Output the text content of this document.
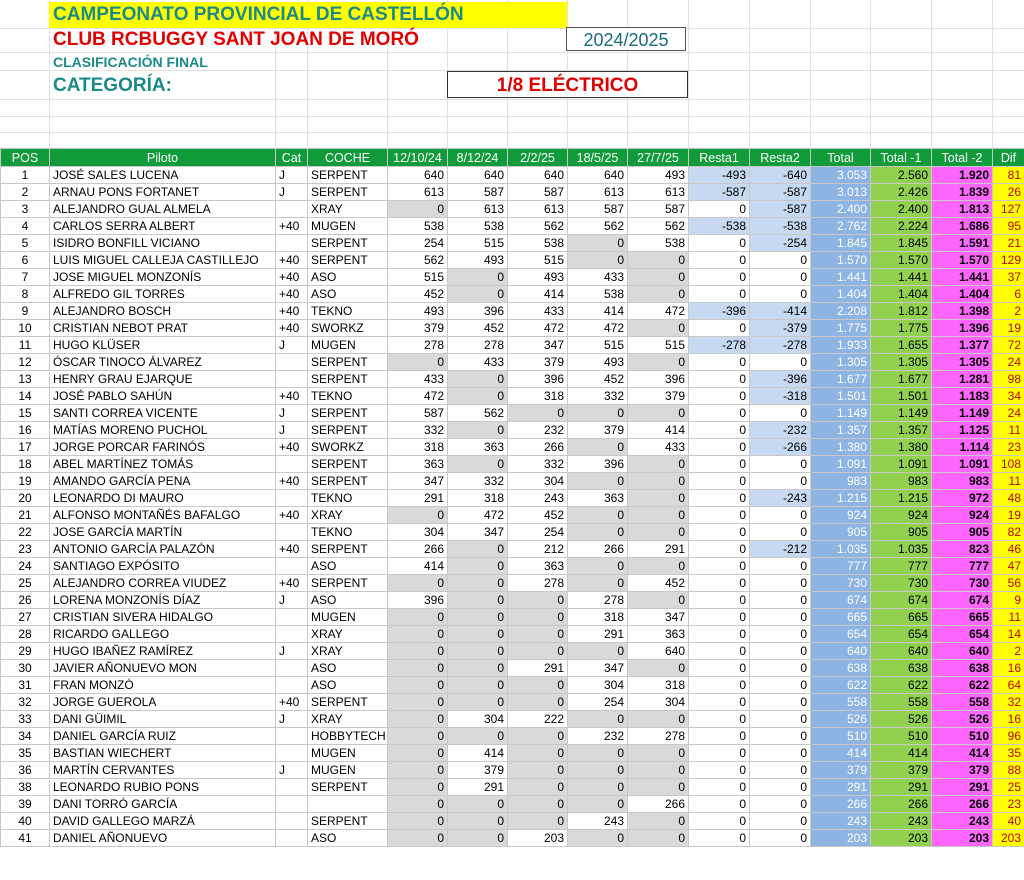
CAMPEONATO PROVINCIAL DE CASTELLÓN
CLUB RCBUGGY SANT JOAN DE MORÓ	2024/2025
CLASIFICACIÓN FINAL
CATEGORÍA:	1/8 ELÉCTRICO
POS	Piloto	Cat	COCHE	12/10/24	8/12/24	2/2/25	18/5/25	27/7/25	Resta1	Resta2	Total	Total -1	Total -2	Dif
1	JOSÉ SALES LUCENA	J	SERPENT	640	640	640	640	493	-493	-640	3.053	2.560	1.920	81
2	ARNAU PONS FORTANET	J	SERPENT	613	587	587	613	613	-587	-587	3.013	2.426	1.839	26
3	ALEJANDRO GUAL ALMELA		XRAY	0	613	613	587	587	0	-587	2.400	2.400	1.813	127
4	CARLOS SERRA ALBERT	+40	MUGEN	538	538	562	562	562	-538	-538	2.762	2.224	1.686	95
5	ISIDRO BONFILL VICIANO		SERPENT	254	515	538	0	538	0	-254	1.845	1.845	1.591	21
6	LUIS MIGUEL CALLEJA CASTILLEJO	+40	SERPENT	562	493	515	0	0	0	0	1.570	1.570	1.570	129
7	JOSE MIGUEL MONZONÍS	+40	ASO	515	0	493	433	0	0	0	1.441	1.441	1.441	37
8	ALFREDO GIL TORRES	+40	ASO	452	0	414	538	0	0	0	1.404	1.404	1.404	6
9	ALEJANDRO BOSCH	+40	TEKNO	493	396	433	414	472	-396	-414	2.208	1.812	1.398	2
10	CRISTIAN NEBOT PRAT	+40	SWORKZ	379	452	472	472	0	0	-379	1.775	1.775	1.396	19
11	HUGO KLÜSER	J	MUGEN	278	278	347	515	515	-278	-278	1.933	1.655	1.377	72
12	ÓSCAR TINOCO ÁLVAREZ		SERPENT	0	433	379	493	0	0	0	1.305	1.305	1.305	24
13	HENRY GRAU EJARQUE		SERPENT	433	0	396	452	396	0	-396	1.677	1.677	1.281	98
14	JOSÉ PABLO SAHÚN	+40	TEKNO	472	0	318	332	379	0	-318	1.501	1.501	1.183	34
15	SANTI CORREA VICENTE	J	SERPENT	587	562	0	0	0	0	0	1.149	1.149	1.149	24
16	MATÍAS MORENO PUCHOL	J	SERPENT	332	0	232	379	414	0	-232	1.357	1.357	1.125	11
17	JORGE PORCAR FARINÓS	+40	SWORKZ	318	363	266	0	433	0	-266	1.380	1.380	1.114	23
18	ABEL MARTÍNEZ TOMÁS		SERPENT	363	0	332	396	0	0	0	1.091	1.091	1.091	108
19	AMANDO GARCÍA PENA	+40	SERPENT	347	332	304	0	0	0	0	983	983	983	11
20	LEONARDO DI MAURO		TEKNO	291	318	243	363	0	0	-243	1.215	1.215	972	48
21	ALFONSO MONTAÑÉS BAFALGO	+40	XRAY	0	472	452	0	0	0	0	924	924	924	19
22	JOSE GARCÍA MARTÍN		TEKNO	304	347	254	0	0	0	0	905	905	905	82
23	ANTONIO GARCÍA PALAZÓN	+40	SERPENT	266	0	212	266	291	0	-212	1.035	1.035	823	46
24	SANTIAGO EXPÓSITO		ASO	414	0	363	0	0	0	0	777	777	777	47
25	ALEJANDRO CORREA VIUDEZ	+40	SERPENT	0	0	278	0	452	0	0	730	730	730	56
26	LORENA MONZONÍS DÍAZ	J	ASO	396	0	0	278	0	0	0	674	674	674	9
27	CRISTIAN SIVERA HIDALGO		MUGEN	0	0	0	318	347	0	0	665	665	665	11
28	RICARDO GALLEGO		XRAY	0	0	0	291	363	0	0	654	654	654	14
29	HUGO IBAÑEZ RAMÍREZ	J	XRAY	0	0	0	0	640	0	0	640	640	640	2
30	JAVIER AÑONUEVO MON		ASO	0	0	291	347	0	0	0	638	638	638	16
31	FRAN MONZÓ		ASO	0	0	0	304	318	0	0	622	622	622	64
32	JORGE GUEROLA	+40	SERPENT	0	0	0	254	304	0	0	558	558	558	32
33	DANI GÜIMIL	J	XRAY	0	304	222	0	0	0	0	526	526	526	16
34	DANIEL GARCÍA RUIZ		HOBBYTECH	0	0	0	232	278	0	0	510	510	510	96
35	BASTIAN WIECHERT		MUGEN	0	414	0	0	0	0	0	414	414	414	35
36	MARTÍN CERVANTES	J	MUGEN	0	379	0	0	0	0	0	379	379	379	88
38	LEONARDO RUBIO PONS		SERPENT	0	291	0	0	0	0	0	291	291	291	25
39	DANI TORRÓ GARCÍA			0	0	0	0	266	0	0	266	266	266	23
40	DAVID GALLEGO MARZÁ		SERPENT	0	0	0	243	0	0	0	243	243	243	40
41	DANIEL AÑONUEVO		ASO	0	0	203	0	0	0	0	203	203	203	203
